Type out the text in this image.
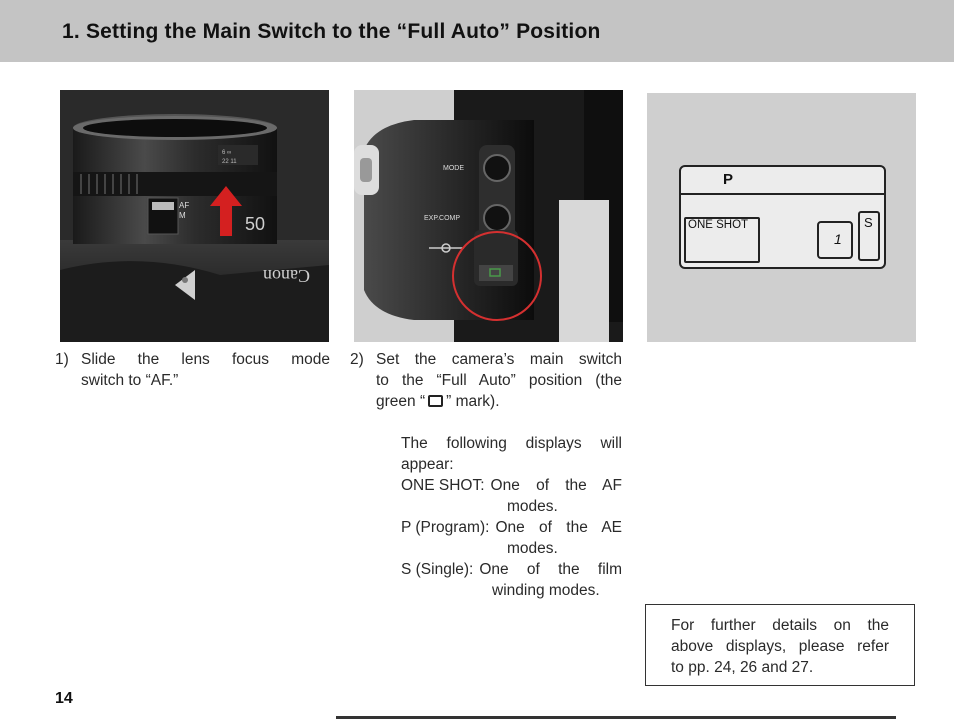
1. Setting the Main Switch to the “Full Auto” Position
6 ∞
22 11
AF
M	50
Canon
MODE
EXP.COMP
P
ONE SHOT
1
S
1) Slide the lens focus mode
switch to “AF.”
2) Set the camera’s main switch
to the “Full Auto” position (the
green “ ” mark).

The following displays will

appear:

ONE SHOT: One of the AF
modes.
P (Program): One of the AE
modes.
S (Single): One of the film
winding modes.
For further details on the
above displays, please refer
to pp. 24, 26 and 27.
14
